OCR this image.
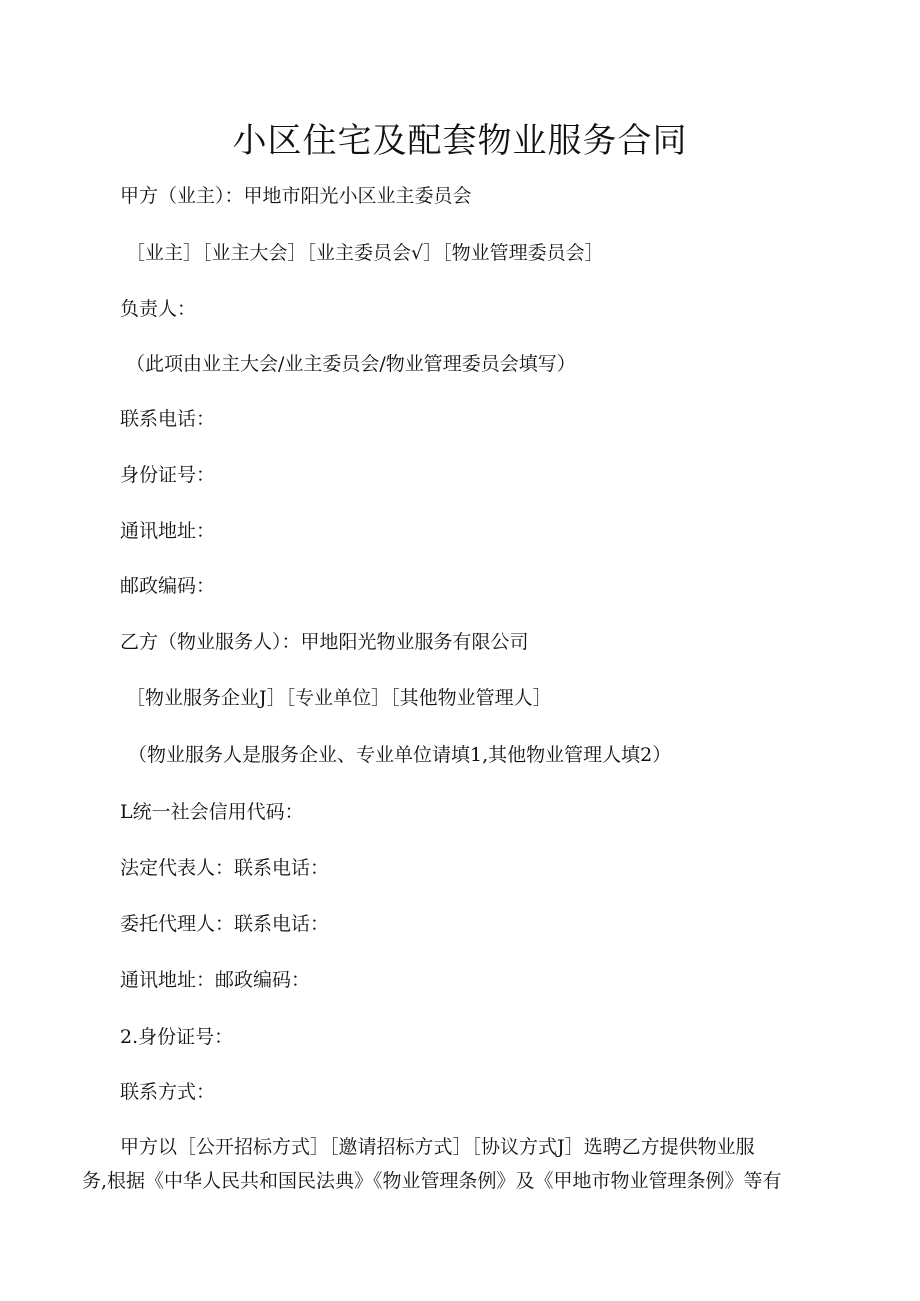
小区住宅及配套物业服务合同
甲方（业主）：甲地市阳光小区业主委员会
［业主］［业主大会］［业主委员会√］［物业管理委员会］
负责人：
（此项由业主大会/业主委员会/物业管理委员会填写）
联系电话：
身份证号：
通讯地址：
邮政编码：
乙方（物业服务人）：甲地阳光物业服务有限公司
［物业服务企业J］［专业单位］［其他物业管理人］
（物业服务人是服务企业、专业单位请填1,其他物业管理人填2）
L统一社会信用代码：
法定代表人：联系电话：
委托代理人：联系电话：
通讯地址：邮政编码：
2.身份证号：
联系方式：
甲方以［公开招标方式］［邀请招标方式］［协议方式J］选聘乙方提供物业服
务,根据《中华人民共和国民法典》《物业管理条例》及《甲地市物业管理条例》等有
